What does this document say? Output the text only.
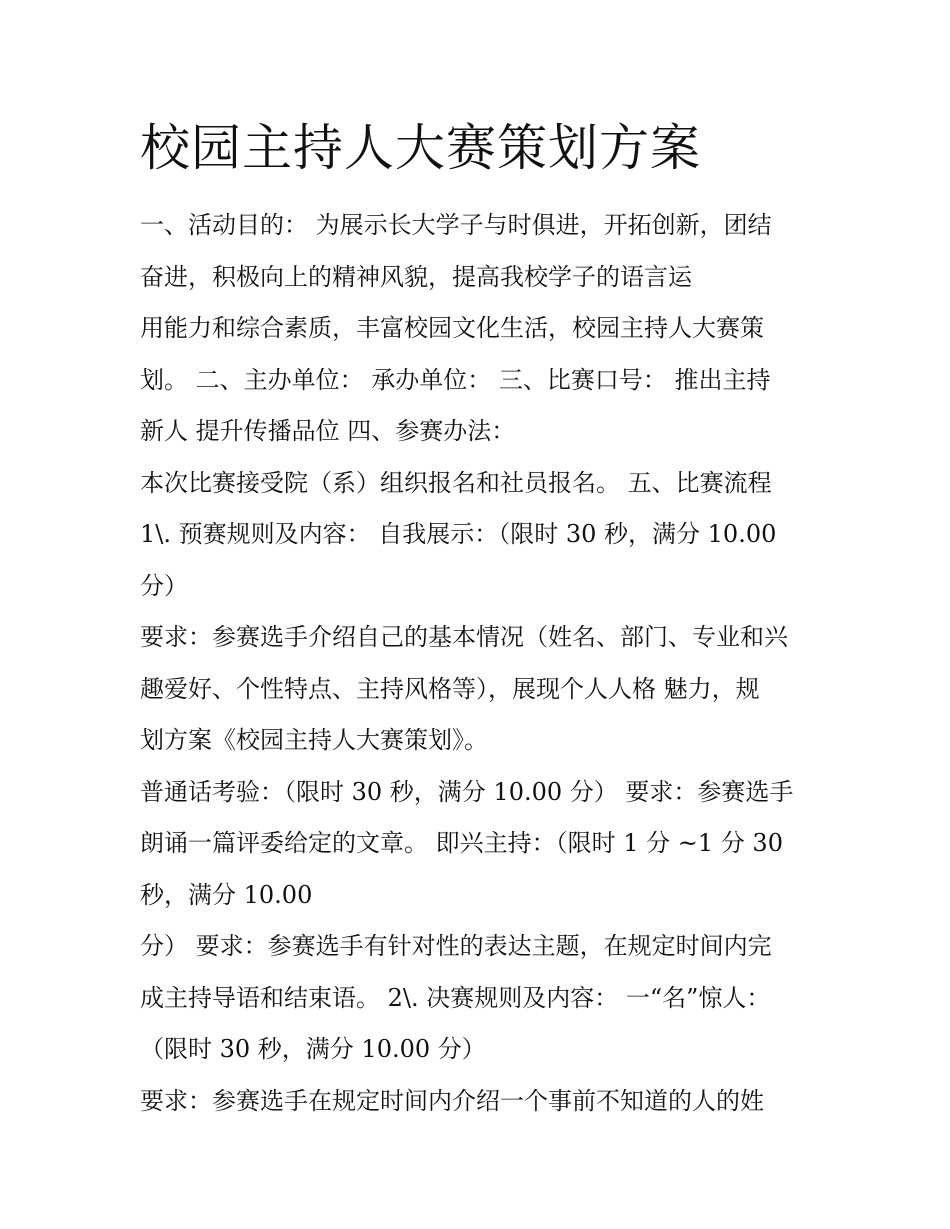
校园主持人大赛策划方案
一、活动目的： 为展示长大学子与时俱进，开拓创新，团结
奋进，积极向上的精神风貌，提高我校学子的语言运
用能力和综合素质，丰富校园文化生活，校园主持人大赛策
划。 二、主办单位： 承办单位： 三、比赛口号： 推出主持
新人 提升传播品位 四、参赛办法：
本次比赛接受院（系）组织报名和社员报名。 五、比赛流程
1\. 预赛规则及内容： 自我展示：（限时 30 秒，满分 10.00
分）
要求：参赛选手介绍自己的基本情况（姓名、部门、专业和兴
趣爱好、个性特点、主持风格等），展现个人人格 魅力，规
划方案《校园主持人大赛策划》。
普通话考验：（限时 30 秒，满分 10.00 分） 要求：参赛选手
朗诵一篇评委给定的文章。 即兴主持：（限时 1 分 ~1 分 30
秒，满分 10.00
分） 要求：参赛选手有针对性的表达主题，在规定时间内完
成主持导语和结束语。 2\. 决赛规则及内容： 一“名”惊人：
（限时 30 秒，满分 10.00 分）
要求：参赛选手在规定时间内介绍一个事前不知道的人的姓
